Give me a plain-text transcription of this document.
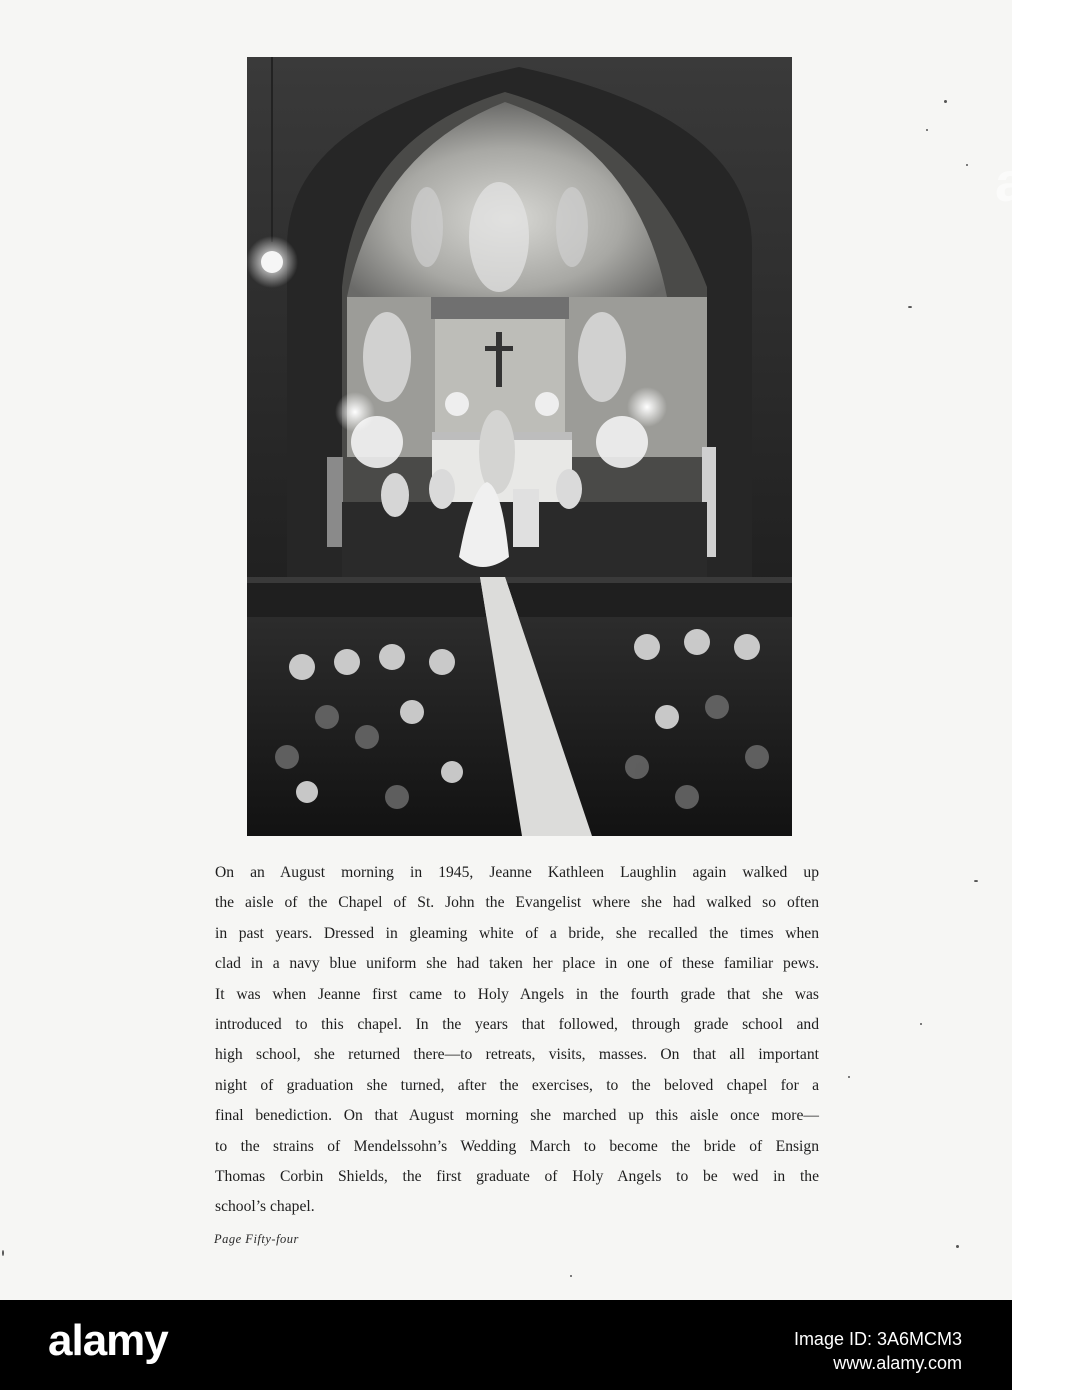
ala
On an August morning in 1945, Jeanne Kathleen Laughlin again walked up
the aisle of the Chapel of St. John the Evangelist where she had walked so often
in past years. Dressed in gleaming white of a bride, she recalled the times when
clad in a navy blue uniform she had taken her place in one of these familiar pews.
It was when Jeanne first came to Holy Angels in the fourth grade that she was
introduced to this chapel. In the years that followed, through grade school and
high school, she returned there—to retreats, visits, masses. On that all important
night of graduation she turned, after the exercises, to the beloved chapel for a
final benediction. On that August morning she marched up this aisle once more—
to the strains of Mendelssohn’s Wedding March to become the bride of Ensign
Thomas Corbin Shields, the first graduate of Holy Angels to be wed in the
school’s chapel.
Page Fifty-four
alamy	Image ID: 3A6MCM3
www.alamy.com
